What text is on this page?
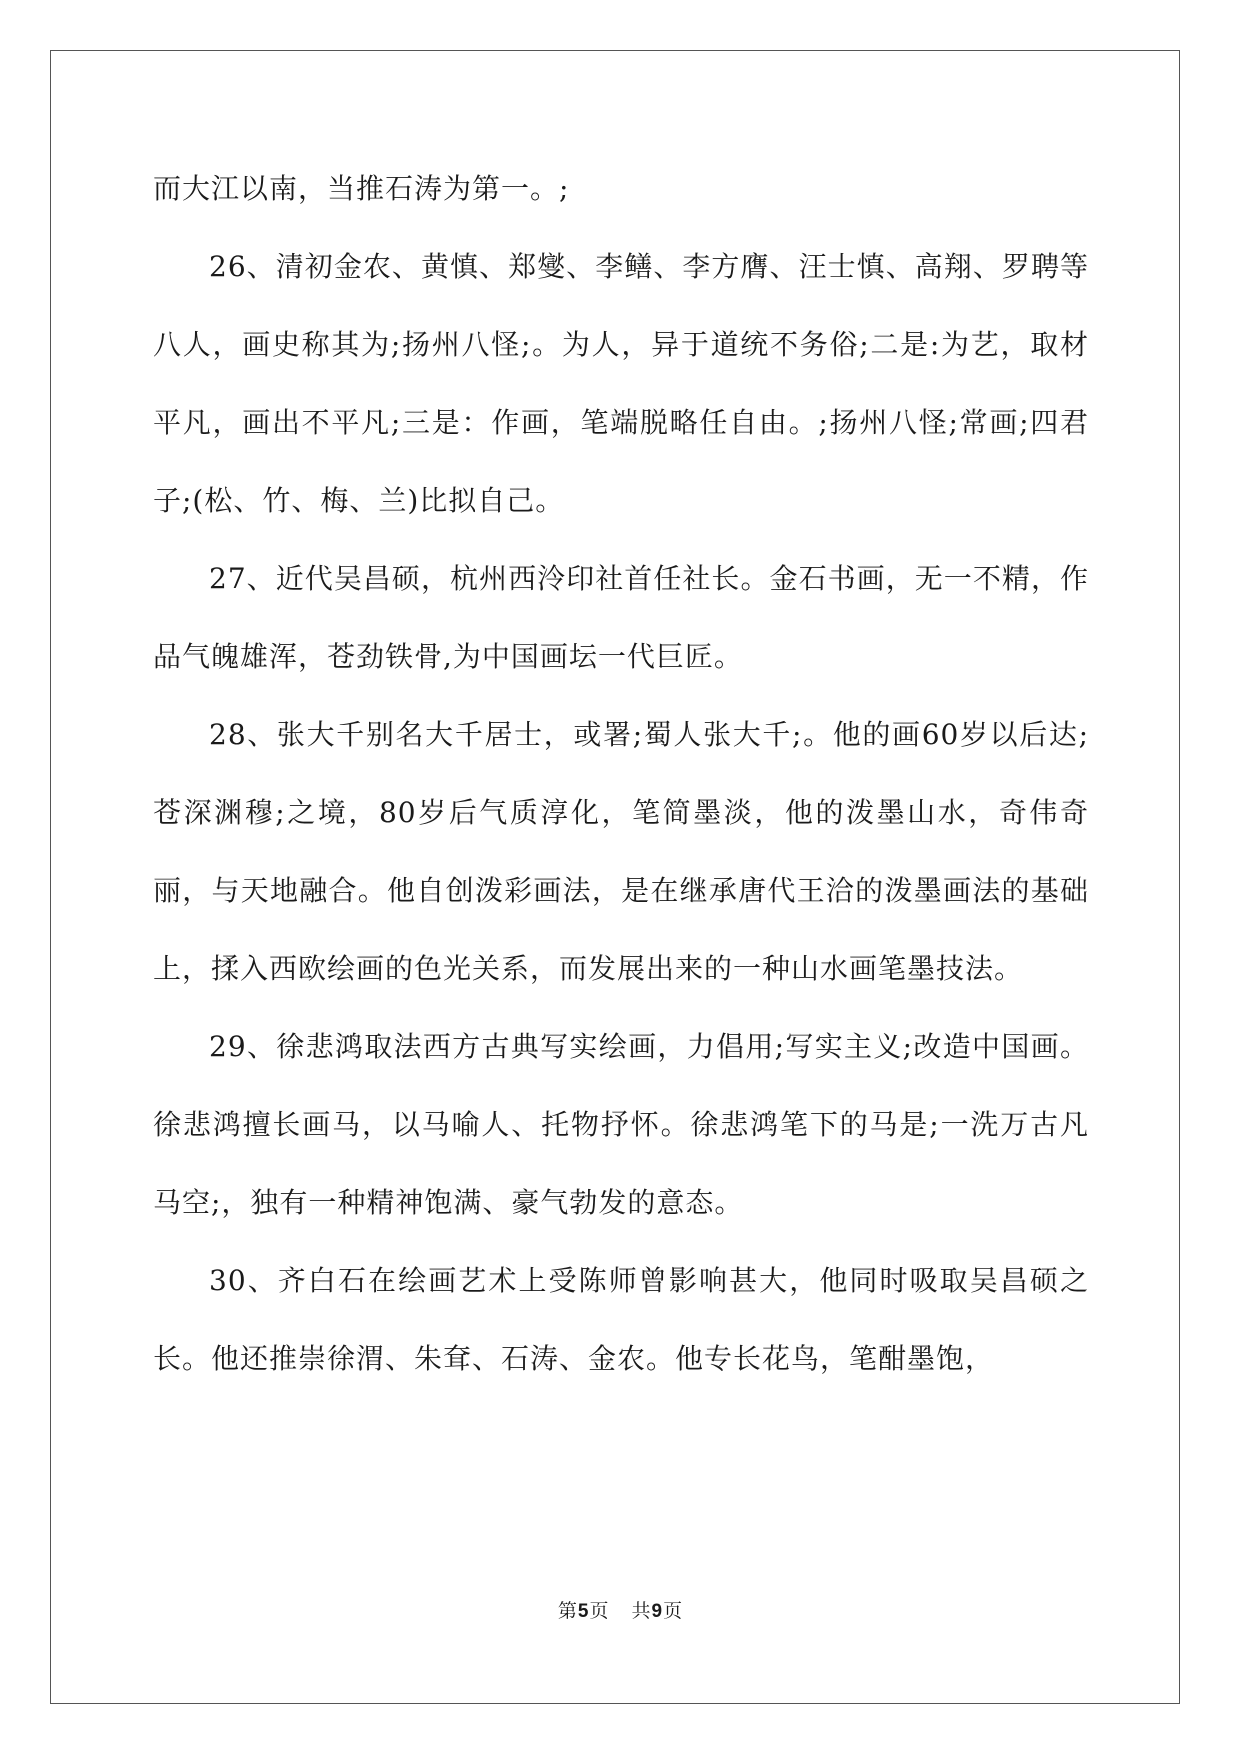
而大江以南，当推石涛为第一。;

26、清初金农、黄慎、郑燮、李鳝、李方膺、汪士慎、高翔、罗聘等八人，画史称其为;扬州八怪;。为人，异于道统不务俗;二是:为艺，取材平凡，画出不平凡;三是：作画，笔端脱略任自由。;扬州八怪;常画;四君子;(松、竹、梅、兰)比拟自己。

27、近代吴昌硕，杭州西泠印社首任社长。金石书画，无一不精，作品气魄雄浑，苍劲铁骨,为中国画坛一代巨匠。

28、张大千别名大千居士，或署;蜀人张大千;。他的画60岁以后达;苍深渊穆;之境，80岁后气质淳化，笔简墨淡，他的泼墨山水，奇伟奇丽，与天地融合。他自创泼彩画法，是在继承唐代王洽的泼墨画法的基础上，揉入西欧绘画的色光关系，而发展出来的一种山水画笔墨技法。

29、徐悲鸿取法西方古典写实绘画，力倡用;写实主义;改造中国画。徐悲鸿擅长画马，以马喻人、托物抒怀。徐悲鸿笔下的马是;一洗万古凡马空;，独有一种精神饱满、豪气勃发的意态。

30、齐白石在绘画艺术上受陈师曾影响甚大，他同时吸取吴昌硕之长。他还推崇徐渭、朱耷、石涛、金农。他专长花鸟，笔酣墨饱，

第5页 共9页
